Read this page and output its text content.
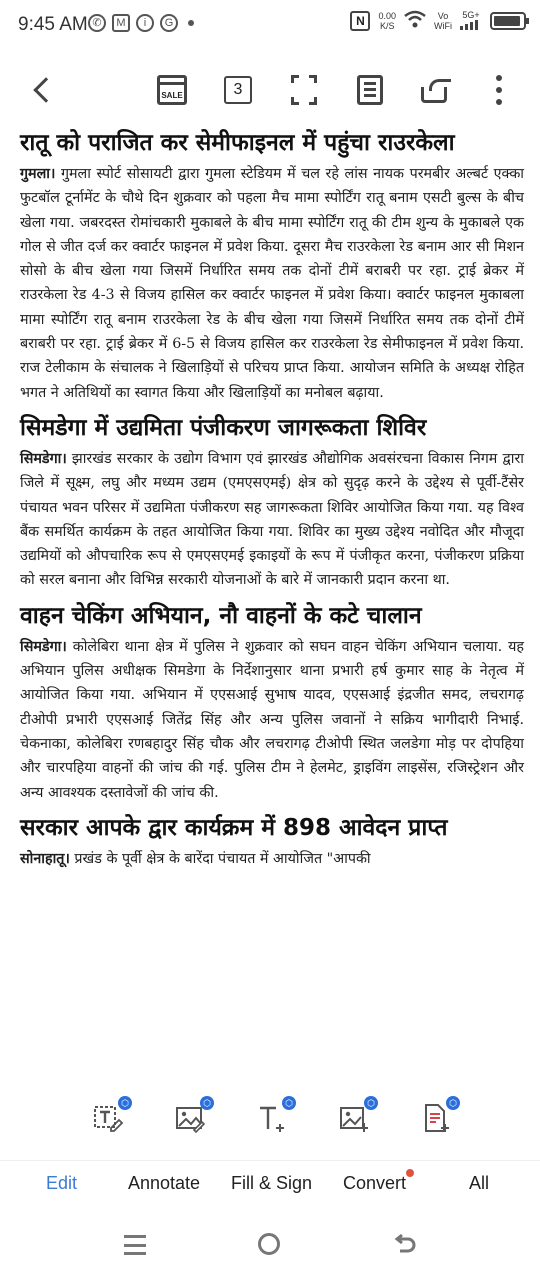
9:45 AM ✆	M	i	G	N	0.00
K/S
Vo
WiFi
5G+
SALE	3
रातू को पराजित कर सेमीफाइनल में पहुंचा राउरकेला

गुमला। गुमला स्पोर्ट सोसायटी द्वारा गुमला स्टेडियम में चल रहे लांस नायक परमबीर अल्बर्ट एक्का फुटबॉल टूर्नामेंट के चौथे दिन शुक्रवार को पहला मैच मामा स्पोर्टिंग रातू बनाम एसटी बुल्स के बीच खेला गया. जबरदस्त रोमांचकारी मुकाबले के बीच मामा स्पोर्टिंग रातू की टीम शुन्य के मुकाबले एक गोल से जीत दर्ज कर क्वार्टर फाइनल में प्रवेश किया. दूसरा मैच राउरकेला रेड बनाम आर सी मिशन सोसो के बीच खेला गया जिसमें निर्धारित समय तक दोनों टीमें बराबरी पर रहा. ट्राई ब्रेकर में राउरकेला रेड 4-3 से विजय हासिल कर क्वार्टर फाइनल में प्रवेश किया। क्वार्टर फाइनल मुकाबला मामा स्पोर्टिंग रातू बनाम राउरकेला रेड के बीच खेला गया जिसमें निर्धारित समय तक दोनों टीमें बराबरी पर रहा. ट्राई ब्रेकर में 6-5 से विजय हासिल कर राउरकेला रेड सेमीफाइनल में प्रवेश किया. राज टेलीकाम के संचालक ने खिलाड़ियों से परिचय प्राप्त किया. आयोजन समिति के अध्यक्ष रोहित भगत ने अतिथियों का स्वागत किया और खिलाड़ियों का मनोबल बढ़ाया.

सिमडेगा में उद्यमिता पंजीकरण जागरूकता शिविर

सिमडेगा। झारखंड सरकार के उद्योग विभाग एवं झारखंड औद्योगिक अवसंरचना विकास निगम द्वारा जिले में सूक्ष्म, लघु और मध्यम उद्यम (एमएसएमई) क्षेत्र को सुदृढ़ करने के उद्देश्य से पूर्वी-टैंसेर पंचायत भवन परिसर में उद्यमिता पंजीकरण सह जागरूकता शिविर आयोजित किया गया. यह विश्व बैंक समर्थित कार्यक्रम के तहत आयोजित किया गया. शिविर का मुख्य उद्देश्य नवोदित और मौजूदा उद्यमियों को औपचारिक रूप से एमएसएमई इकाइयों के रूप में पंजीकृत करना, पंजीकरण प्रक्रिया को सरल बनाना और विभिन्न सरकारी योजनाओं के बारे में जानकारी प्रदान करना था.

वाहन चेकिंग अभियान, नौ वाहनों के कटे चालान

सिमडेगा। कोलेबिरा थाना क्षेत्र में पुलिस ने शुक्रवार को सघन वाहन चेकिंग अभियान चलाया. यह अभियान पुलिस अधीक्षक सिमडेगा के निर्देशानुसार थाना प्रभारी हर्ष कुमार साह के नेतृत्व में आयोजित किया गया. अभियान में एएसआई सुभाष यादव, एएसआई इंद्रजीत समद, लचरागढ़ टीओपी प्रभारी एएसआई जितेंद्र सिंह और अन्य पुलिस जवानों ने सक्रिय भागीदारी निभाई. चेकनाका, कोलेबिरा रणबहादुर सिंह चौक और लचरागढ़ टीओपी स्थित जलडेगा मोड़ पर दोपहिया और चारपहिया वाहनों की जांच की गई. पुलिस टीम ने हेलमेट, ड्राइविंग लाइसेंस, रजिस्ट्रेशन और अन्य आवश्यक दस्तावेजों की जांच की.

सरकार आपके द्वार कार्यक्रम में 898 आवेदन प्राप्त

सोनाहातू। प्रखंड के पूर्वी क्षेत्र के बारेंदा पंचायत में आयोजित "आपकी

⬡	⬡	⬡	⬡	⬡
Edit	Annotate Fill & Sign Convert	All
